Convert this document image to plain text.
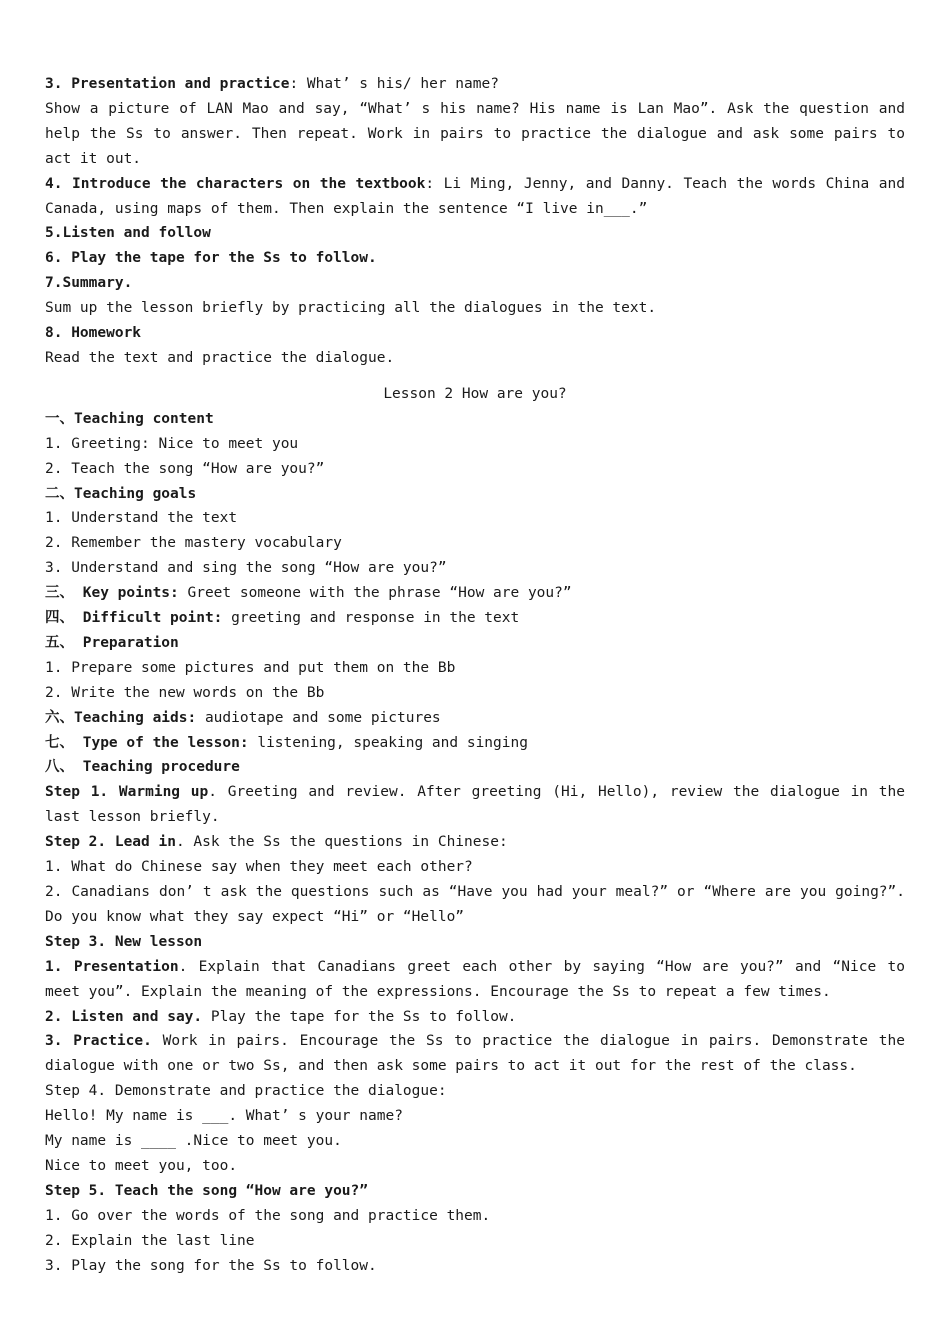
3. Presentation and practice: What’ s his/ her name?
Show a picture of LAN Mao and say, “What’ s his name? His name is Lan Mao”. Ask the question and help the Ss to answer. Then repeat. Work in pairs to practice the dialogue and ask some pairs to act it out.
4. Introduce the characters on the textbook: Li Ming, Jenny, and Danny. Teach the words China and Canada, using maps of them. Then explain the sentence “I live in___.”
5.Listen and follow
6. Play the tape for the Ss to follow.
7.Summary.
Sum up the lesson briefly by practicing all the dialogues in the text.
8. Homework
Read the text and practice the dialogue.
Lesson 2 How are you?
一、Teaching content
1. Greeting: Nice to meet you
2. Teach the song “How are you?”
二、Teaching goals
1. Understand the text
2. Remember the mastery vocabulary
3. Understand and sing the song “How are you?”
三、 Key points: Greet someone with the phrase “How are you?”
四、 Difficult point: greeting and response in the text
五、 Preparation
1. Prepare some pictures and put them on the Bb
2. Write the new words on the Bb
六、Teaching aids: audiotape and some pictures
七、 Type of the lesson: listening, speaking and singing
八、 Teaching procedure
Step 1. Warming up. Greeting and review. After greeting (Hi, Hello), review the dialogue in the last lesson briefly.
Step 2. Lead in. Ask the Ss the questions in Chinese:
1. What do Chinese say when they meet each other?
2. Canadians don’ t ask the questions such as “Have you had your meal?” or “Where are you going?”.  Do you know what they say expect “Hi” or “Hello”
Step 3. New lesson
1. Presentation. Explain that Canadians greet each other by saying “How are you?” and “Nice to meet you”. Explain the meaning of the expressions. Encourage the Ss to repeat a few times.
2. Listen and say. Play the tape for the Ss to follow.
3. Practice. Work in pairs. Encourage the Ss to practice the dialogue in pairs. Demonstrate the dialogue with one or two Ss, and then ask some pairs to act it out for the rest of the class.
Step 4. Demonstrate and practice the dialogue:
Hello! My name is ___. What’ s your name?
My name is ____ .Nice to meet you.
Nice to meet you, too.
Step 5. Teach the song “How are you?”
1. Go over the words of the song and practice them.
2. Explain the last line
3. Play the song for the Ss to follow.
